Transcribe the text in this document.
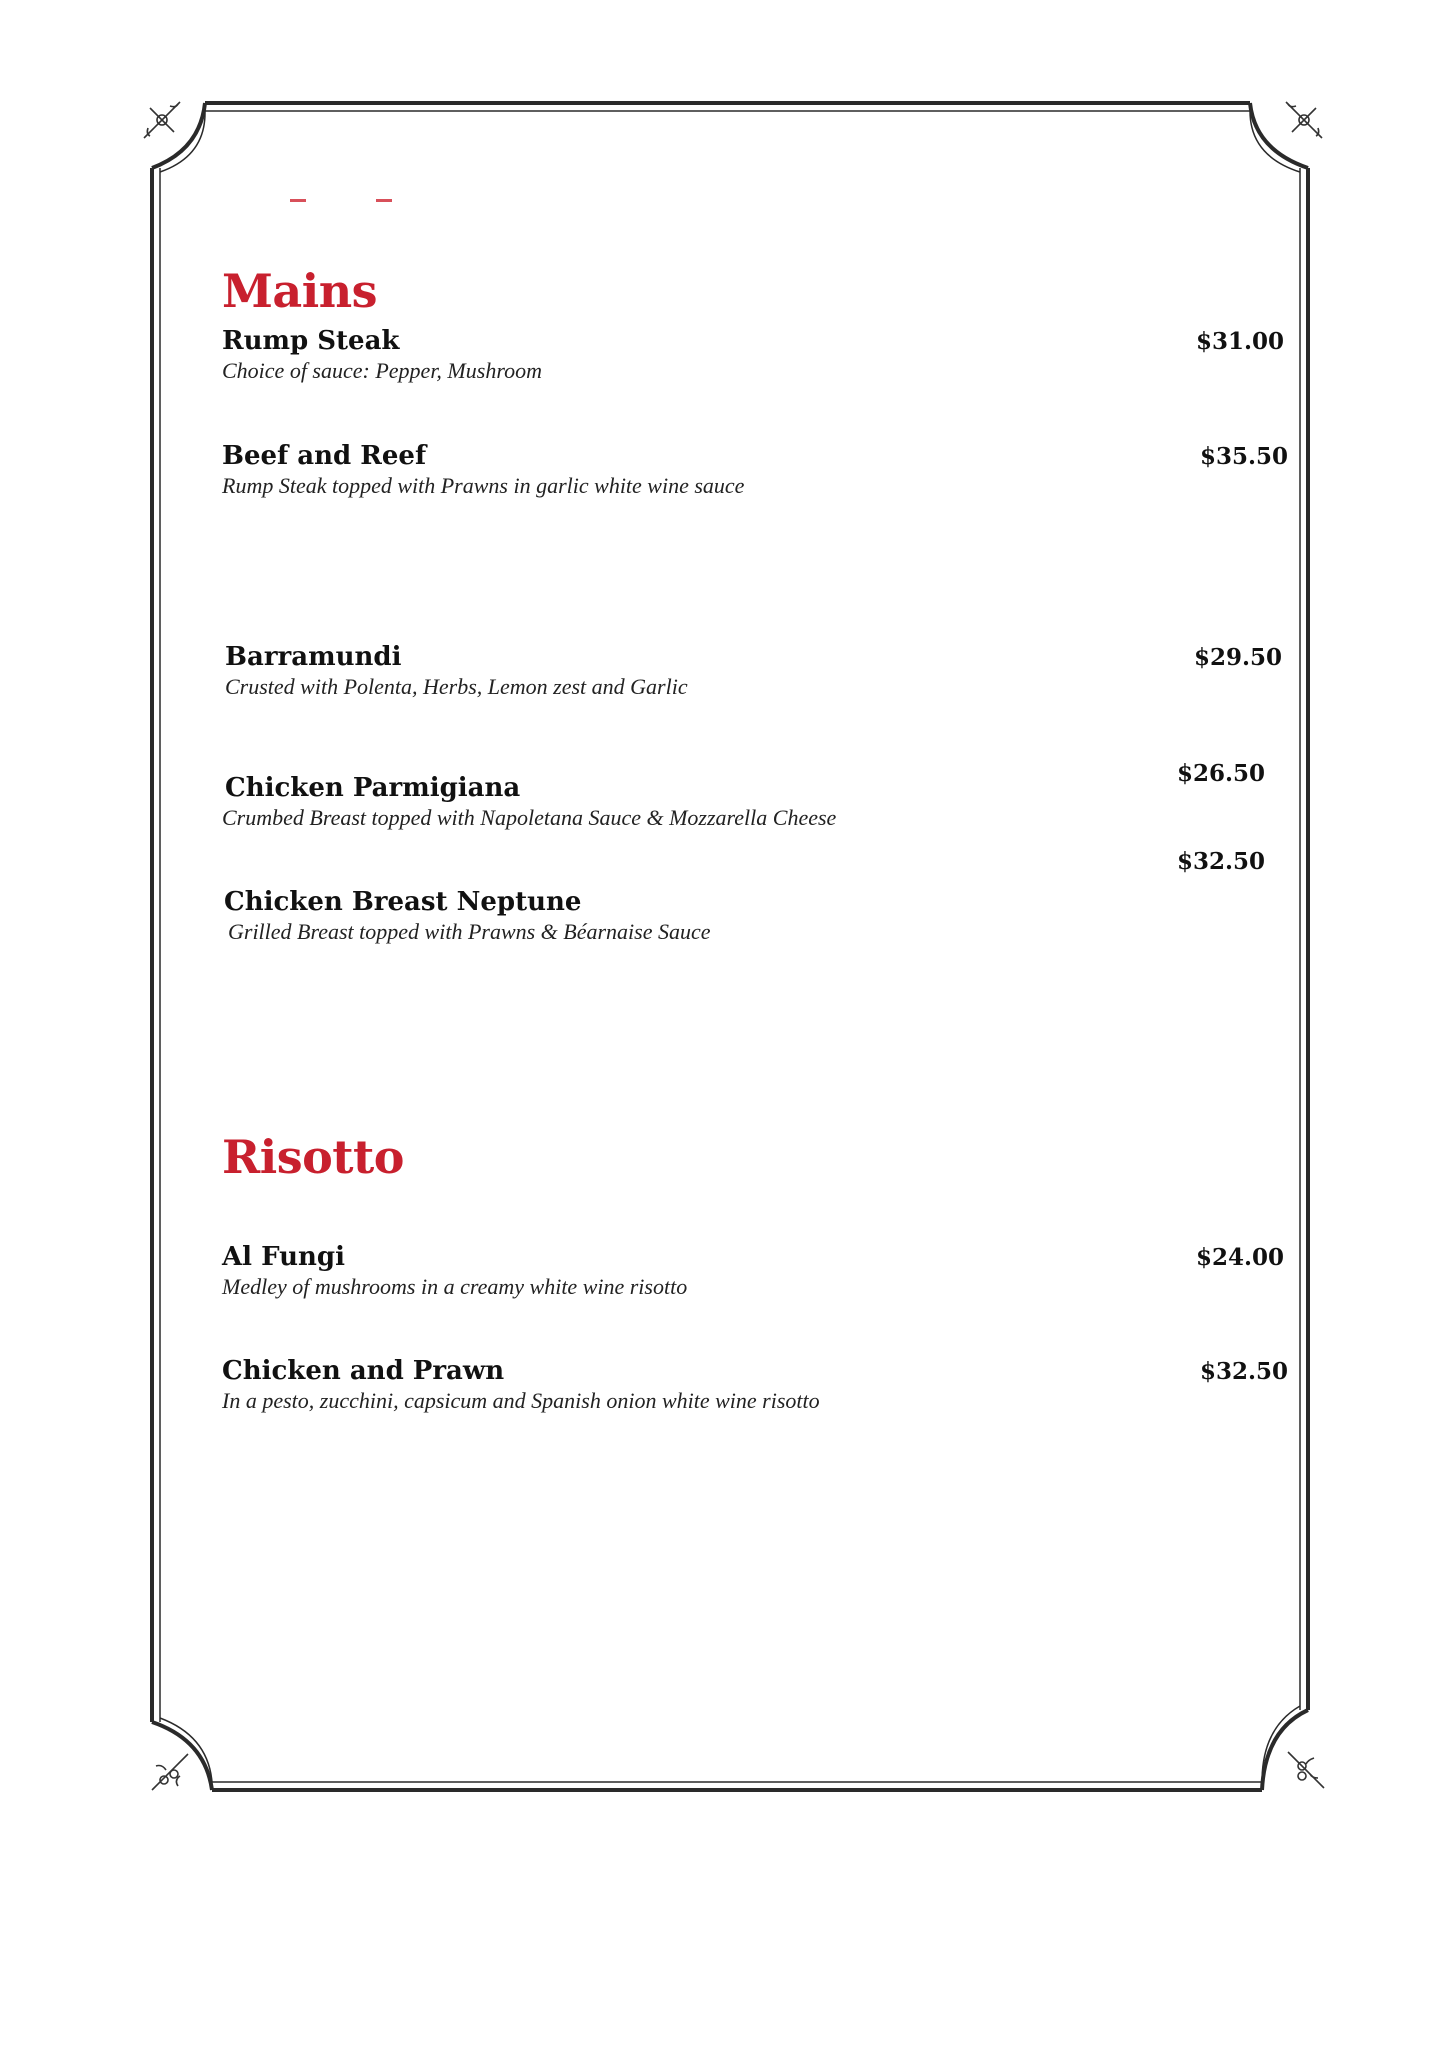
Mains
Rump Steak
Choice of sauce: Pepper, Mushroom
$31.00
Beef and Reef
Rump Steak topped with Prawns in garlic white wine sauce
$35.50
Barramundi
Crusted with Polenta, Herbs, Lemon zest and Garlic
$29.50
Chicken Parmigiana
Crumbed Breast topped with Napoletana Sauce & Mozzarella Cheese
$26.50
Chicken Breast Neptune
Grilled Breast topped with Prawns & Béarnaise Sauce
$32.50
Risotto
Al Fungi
Medley of mushrooms in a creamy white wine risotto
$24.00
Chicken and Prawn
In a pesto, zucchini, capsicum and Spanish onion white wine risotto
$32.50
